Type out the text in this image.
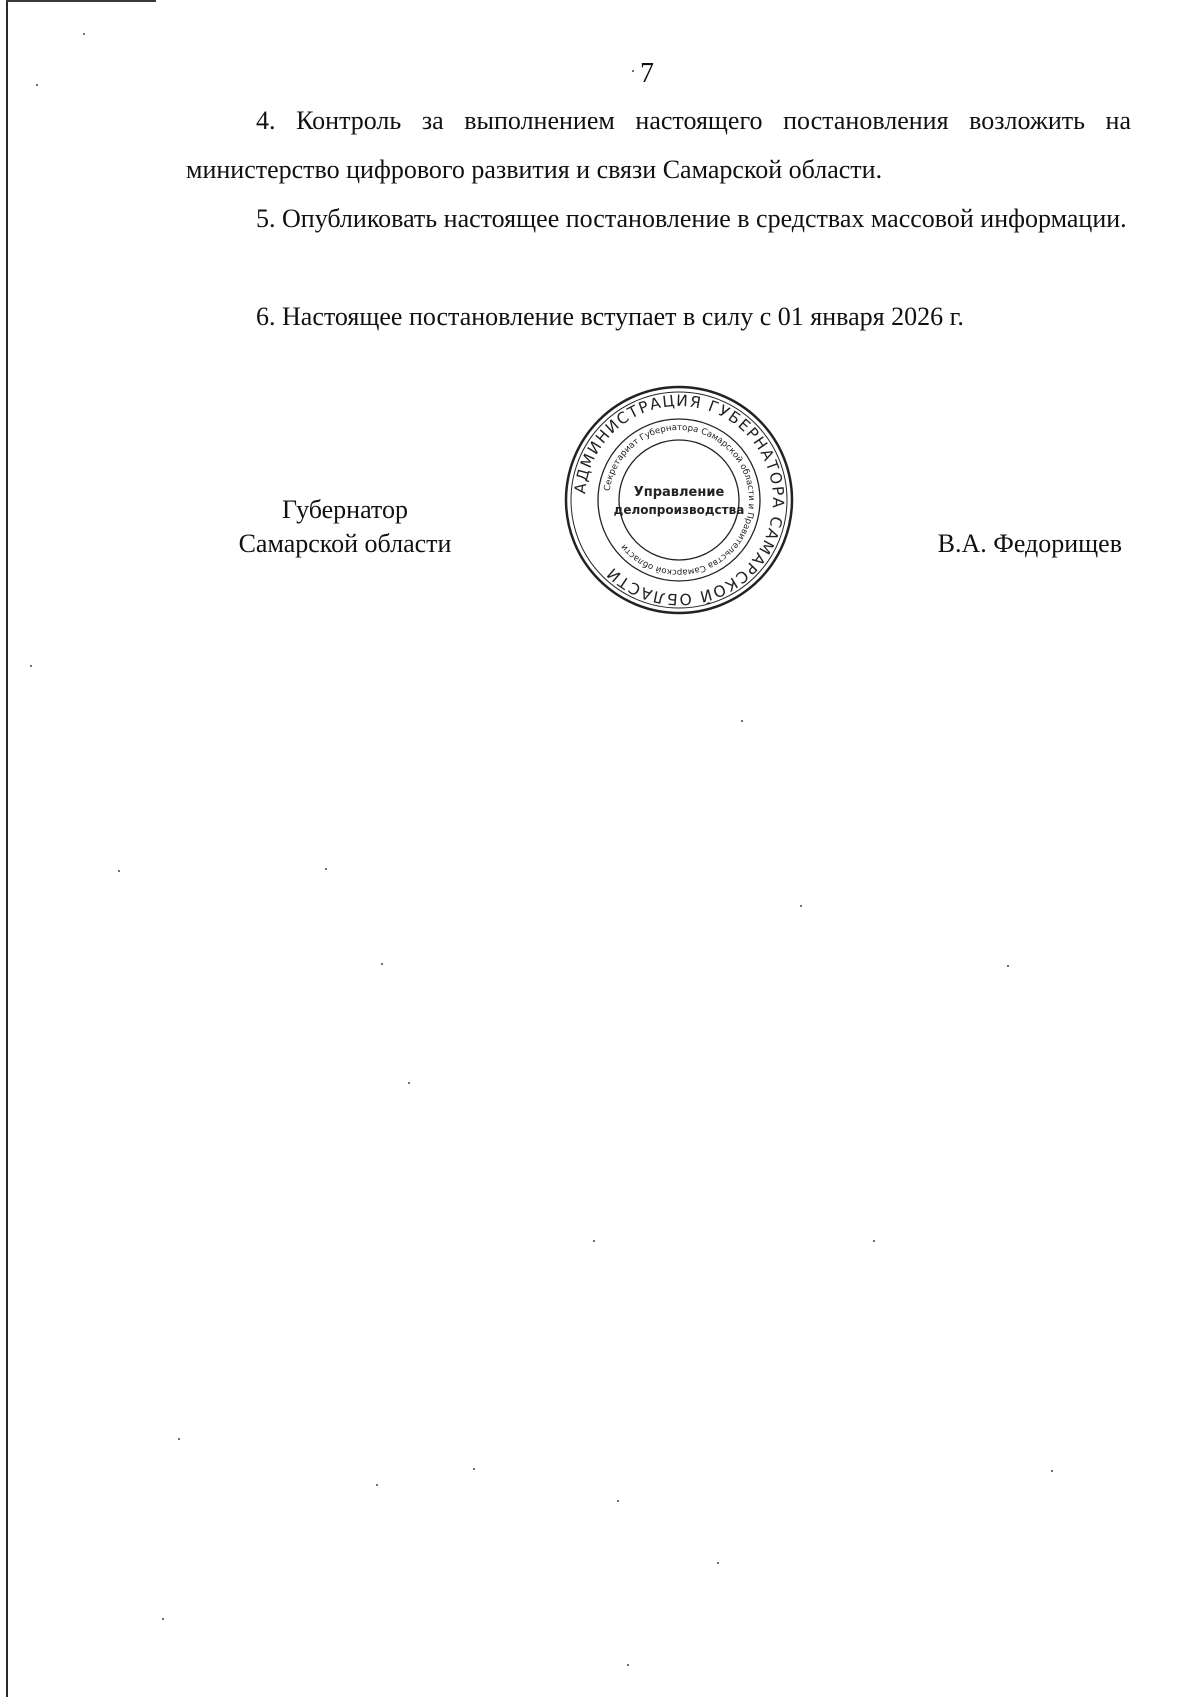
7
4. Контроль за выполнением настоящего постановления возложить на министерство цифрового развития и связи Самарской области.
5. Опубликовать настоящее постановление в средствах массовой информации.
6. Настоящее постановление вступает в силу с 01 января 2026 г.
Губернатор
Самарской области	В.А. Федорищев
АДМИНИСТРАЦИЯ ГУБЕРНАТОРА САМАРСКОЙ ОБЛАСТИ
Секретариат Губернатора Самарской области и Правительства Самарской области
Управление
делопроизводства
